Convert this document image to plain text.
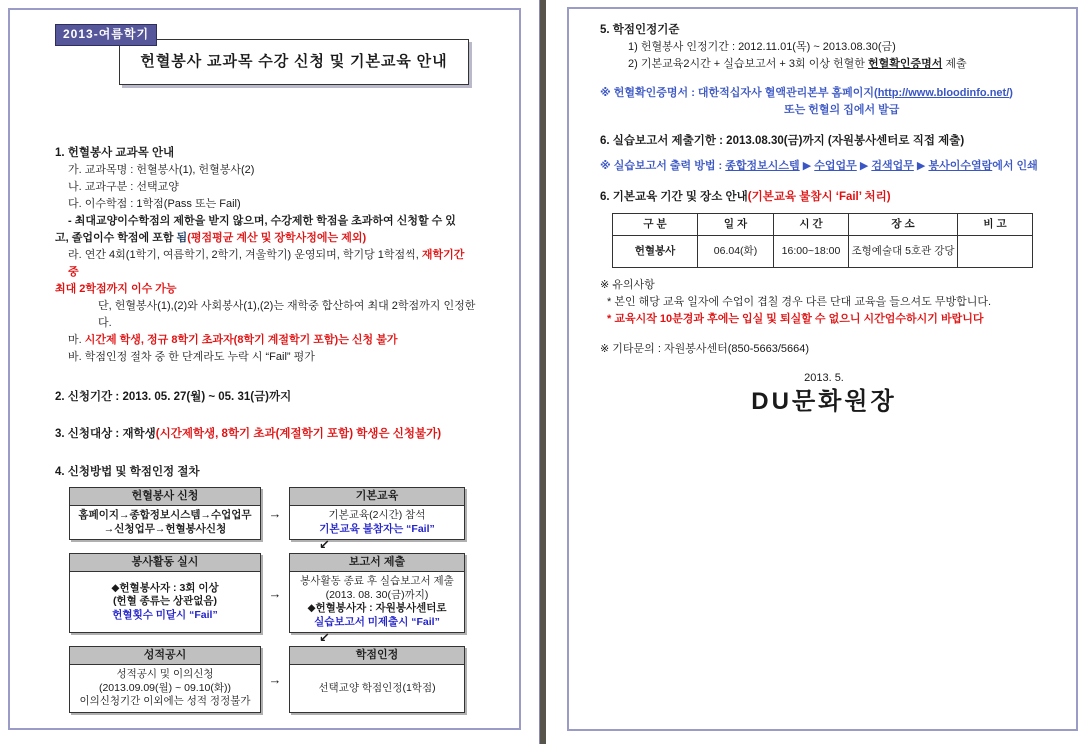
2013-여름학기
헌혈봉사 교과목 수강 신청 및 기본교육 안내
1. 헌혈봉사 교과목 안내
가. 교과목명 : 헌혈봉사(1), 헌혈봉사(2)
나. 교과구분 : 선택교양
다. 이수학점 : 1학점(Pass 또는 Fail)
- 최대교양이수학점의 제한을 받지 않으며, 수강제한 학점을 초과하여 신청할 수 있
고, 졸업이수 학점에 포함 됨(평점평균 계산 및 장학사정에는 제외)
라. 연간 4회(1학기, 여름학기, 2학기, 겨울학기) 운영되며, 학기당 1학점씩, 재학기간 중
최대 2학점까지 이수 가능
단, 헌혈봉사(1),(2)와 사회봉사(1),(2)는 재학중 합산하여 최대 2학점까지 인정한다.
마. 시간제 학생, 정규 8학기 초과자(8학기 계절학기 포함)는 신청 불가
바. 학점인정 절차 중 한 단계라도 누락 시 “Fail” 평가
2. 신청기간 : 2013. 05. 27(월) ~ 05. 31(금)까지
3. 신청대상 : 재학생(시간제학생, 8학기 초과(계절학기 포함) 학생은 신청불가)
4. 신청방법 및 학점인정 절차
헌혈봉사 신청
홈페이지→종합정보시스템→수업업무
→신청업무→헌혈봉사신청
→
기본교육
기본교육(2시간) 참석
기본교육 불참자는 “Fail”
↙
봉사활동 실시
◆헌혈봉사자 : 3회 이상
(헌혈 종류는 상관없음)
헌혈횟수 미달시 “Fail”
→
보고서 제출
봉사활동 종료 후 실습보고서 제출
(2013. 08. 30(금)까지)
◆헌혈봉사자 : 자원봉사센터로
실습보고서 미제출시 “Fail”
↙
성적공시
성적공시 및 이의신청
(2013.09.09(월) ~ 09.10(화))
이의신청기간 이외에는 성적 정정불가
→
학점인정
선택교양 학점인정(1학점)
5. 학점인정기준
1) 헌혈봉사 인정기간 : 2012.11.01(목) ~ 2013.08.30(금)
2) 기본교육2시간 + 실습보고서 + 3회 이상 헌혈한 헌혈확인증명서 제출
※ 헌혈확인증명서 : 대한적십자사 혈액관리본부 홈페이지(http://www.bloodinfo.net/)
또는 헌혈의 집에서 발급
6. 실습보고서 제출기한 : 2013.08.30(금)까지 (자원봉사센터로 직접 제출)
※ 실습보고서 출력 방법 : 종합정보시스템 ▶ 수업업무 ▶ 검색업무 ▶ 봉사이수열람에서 인쇄
6. 기본교육 기간 및 장소 안내(기본교육 불참시 ‘Fail’ 처리)
구 분	일 자	시 간	장 소	비 고
헌혈봉사	06.04(화)	16:00~18:00	조형예술대 5호관 강당	
※ 유의사항
* 본인 해당 교육 일자에 수업이 겹칠 경우 다른 단대 교육을 들으셔도 무방합니다.
* 교육시작 10분경과 후에는 입실 및 퇴실할 수 없으니 시간엄수하시기 바랍니다
※ 기타문의 : 자원봉사센터(850-5663/5664)
2013. 5.
DU문화원장
